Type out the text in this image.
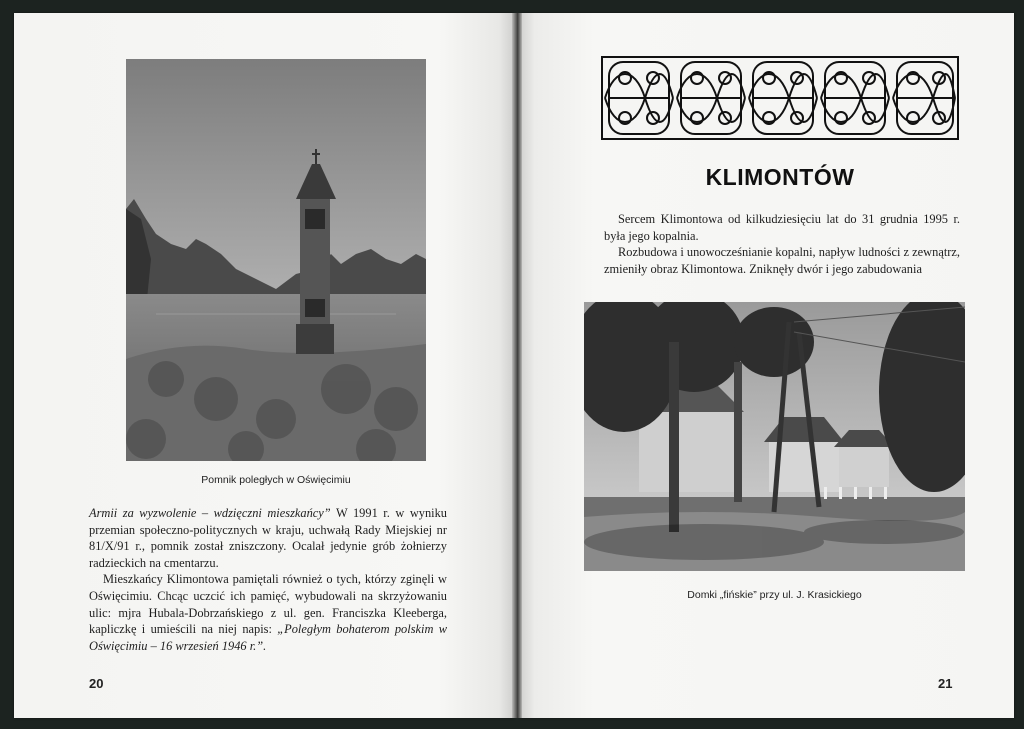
Pomnik poległych w Oświęcimiu

Armii za wyzwolenie – wdzięczni mieszkańcy” W 1991 r. w wyniku przemian społeczno-politycznych w kraju, uchwałą Rady Miejskiej nr 81/X/91 r., pomnik został zniszczony. Ocalał jedynie grób żołnierzy radzieckich na cmentarzu.

Mieszkańcy Klimontowa pamiętali również o tych, którzy zginęli w Oświęcimiu. Chcąc uczcić ich pamięć, wybudowali na skrzyżowaniu ulic: mjra Hubala-Dobrzańskiego z ul. gen. Franciszka Kleeberga, kapliczkę i umieścili na niej napis: „Poległym bohaterom polskim w Oświęcimiu – 16 wrzesień 1946 r.”.

20
KLIMONTÓW

Sercem Klimontowa od kilkudziesięciu lat do 31 grudnia 1995 r. była jego kopalnia.

Rozbudowa i unowocześnianie kopalni, napływ ludności z zewnątrz, zmieniły obraz Klimontowa. Zniknęły dwór i jego zabudowania

Domki „fińskie” przy ul. J. Krasickiego
21
